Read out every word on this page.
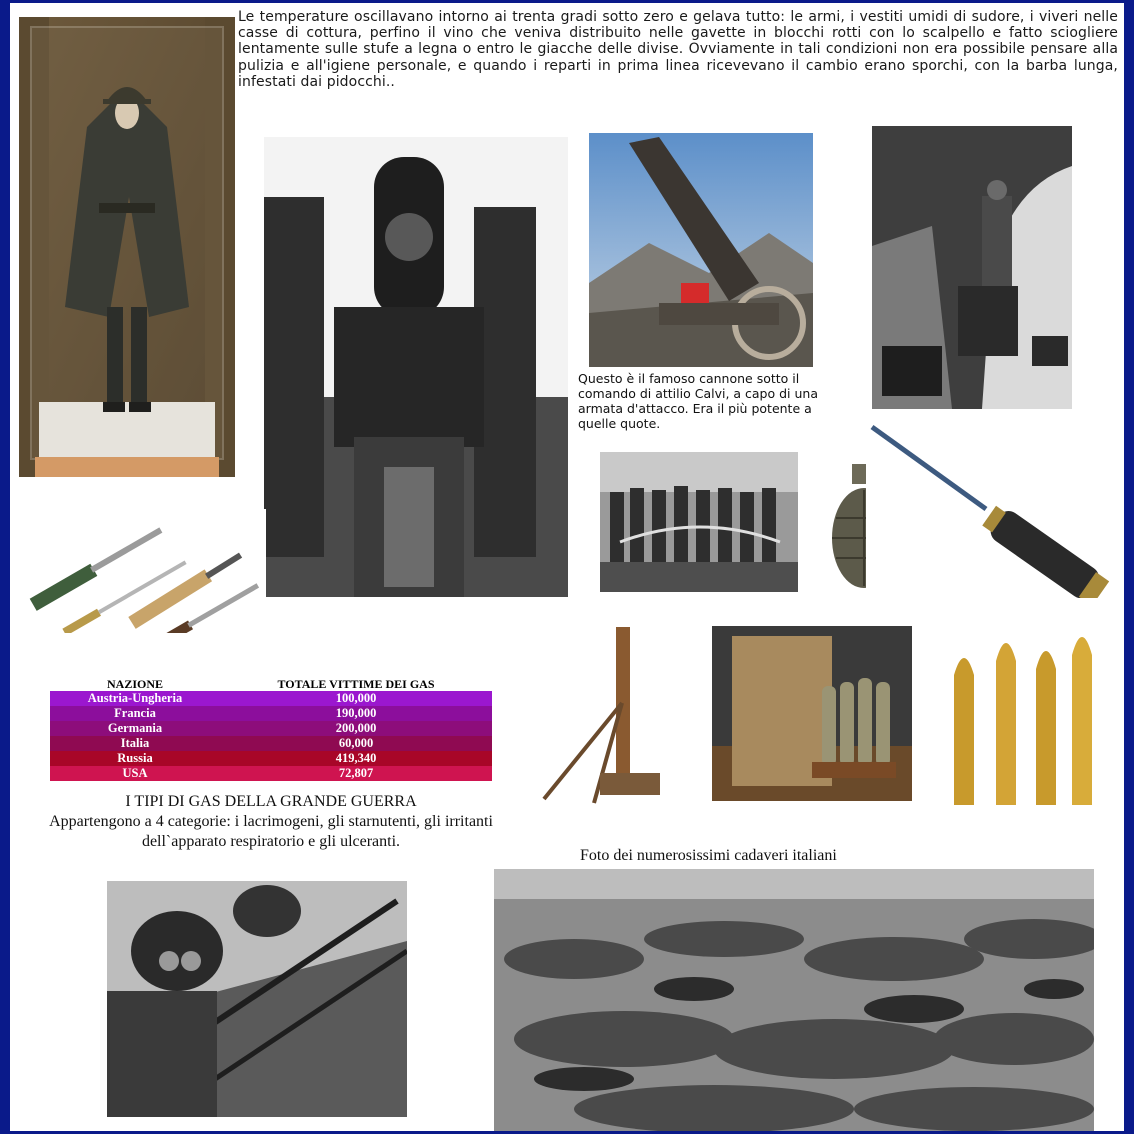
Le temperature oscillavano intorno ai trenta gradi sotto zero e gelava tutto: le armi, i vestiti umidi di sudore, i viveri nelle casse di cottura, perfino il vino che veniva distribuito nelle gavette in blocchi rotti con lo scalpello e fatto sciogliere lentamente sulle stufe a legna o entro le giacche delle divise. Ovviamente in tali condizioni non era possibile pensare alla pulizia e all'igiene personale, e quando i reparti in prima linea ricevevano il cambio erano sporchi, con la barba lunga, infestati dai pidocchi..
Questo è il famoso cannone sotto il comando di attilio Calvi, a capo di una armata d'attacco. Era il più potente a quelle quote.
NAZIONE	TOTALE VITTIME DEI GAS
Austria-Ungheria	100,000
Francia	190,000
Germania	200,000
Italia	60,000
Russia	419,340
USA	72,807
I TIPI DI GAS DELLA GRANDE GUERRA
Appartengono a 4 categorie: i lacrimogeni, gli starnutenti, gli irritanti dell`apparato respiratorio e gli ulceranti.
Foto dei numerosissimi cadaveri italiani
